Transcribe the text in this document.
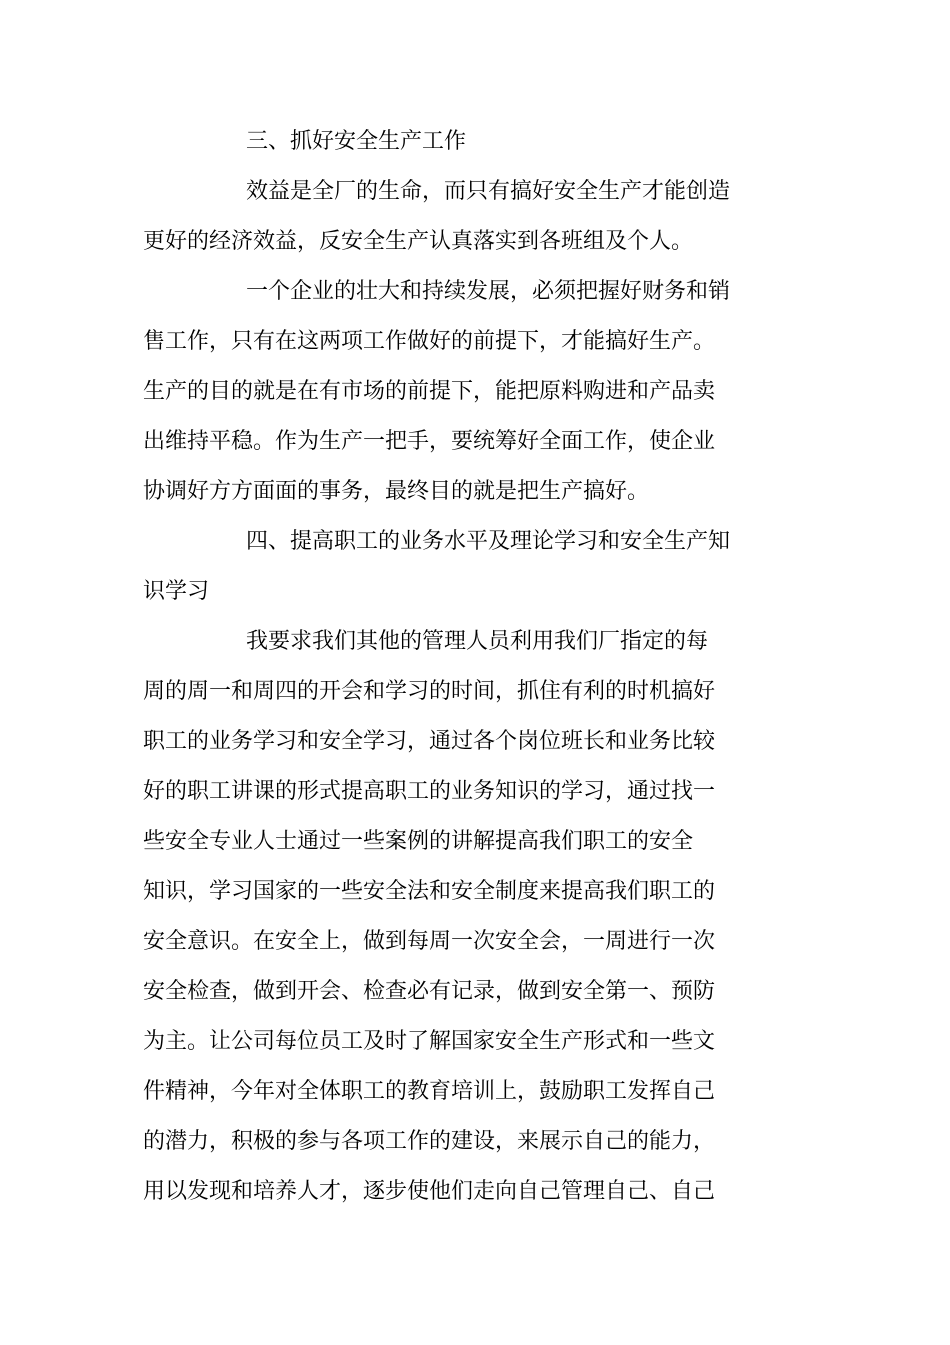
三、抓好安全生产工作
效益是全厂的生命，而只有搞好安全生产才能创造
更好的经济效益，反安全生产认真落实到各班组及个人。
一个企业的壮大和持续发展，必须把握好财务和销
售工作，只有在这两项工作做好的前提下，才能搞好生产。
生产的目的就是在有市场的前提下，能把原料购进和产品卖
出维持平稳。作为生产一把手，要统筹好全面工作，使企业
协调好方方面面的事务，最终目的就是把生产搞好。
四、提高职工的业务水平及理论学习和安全生产知
识学习
我要求我们其他的管理人员利用我们厂指定的每
周的周一和周四的开会和学习的时间，抓住有利的时机搞好
职工的业务学习和安全学习，通过各个岗位班长和业务比较
好的职工讲课的形式提高职工的业务知识的学习，通过找一
些安全专业人士通过一些案例的讲解提高我们职工的安全
知识，学习国家的一些安全法和安全制度来提高我们职工的
安全意识。在安全上，做到每周一次安全会，一周进行一次
安全检查，做到开会、检查必有记录，做到安全第一、预防
为主。让公司每位员工及时了解国家安全生产形式和一些文
件精神，今年对全体职工的教育培训上，鼓励职工发挥自己
的潜力，积极的参与各项工作的建设，来展示自己的能力，
用以发现和培养人才，逐步使他们走向自己管理自己、自己
